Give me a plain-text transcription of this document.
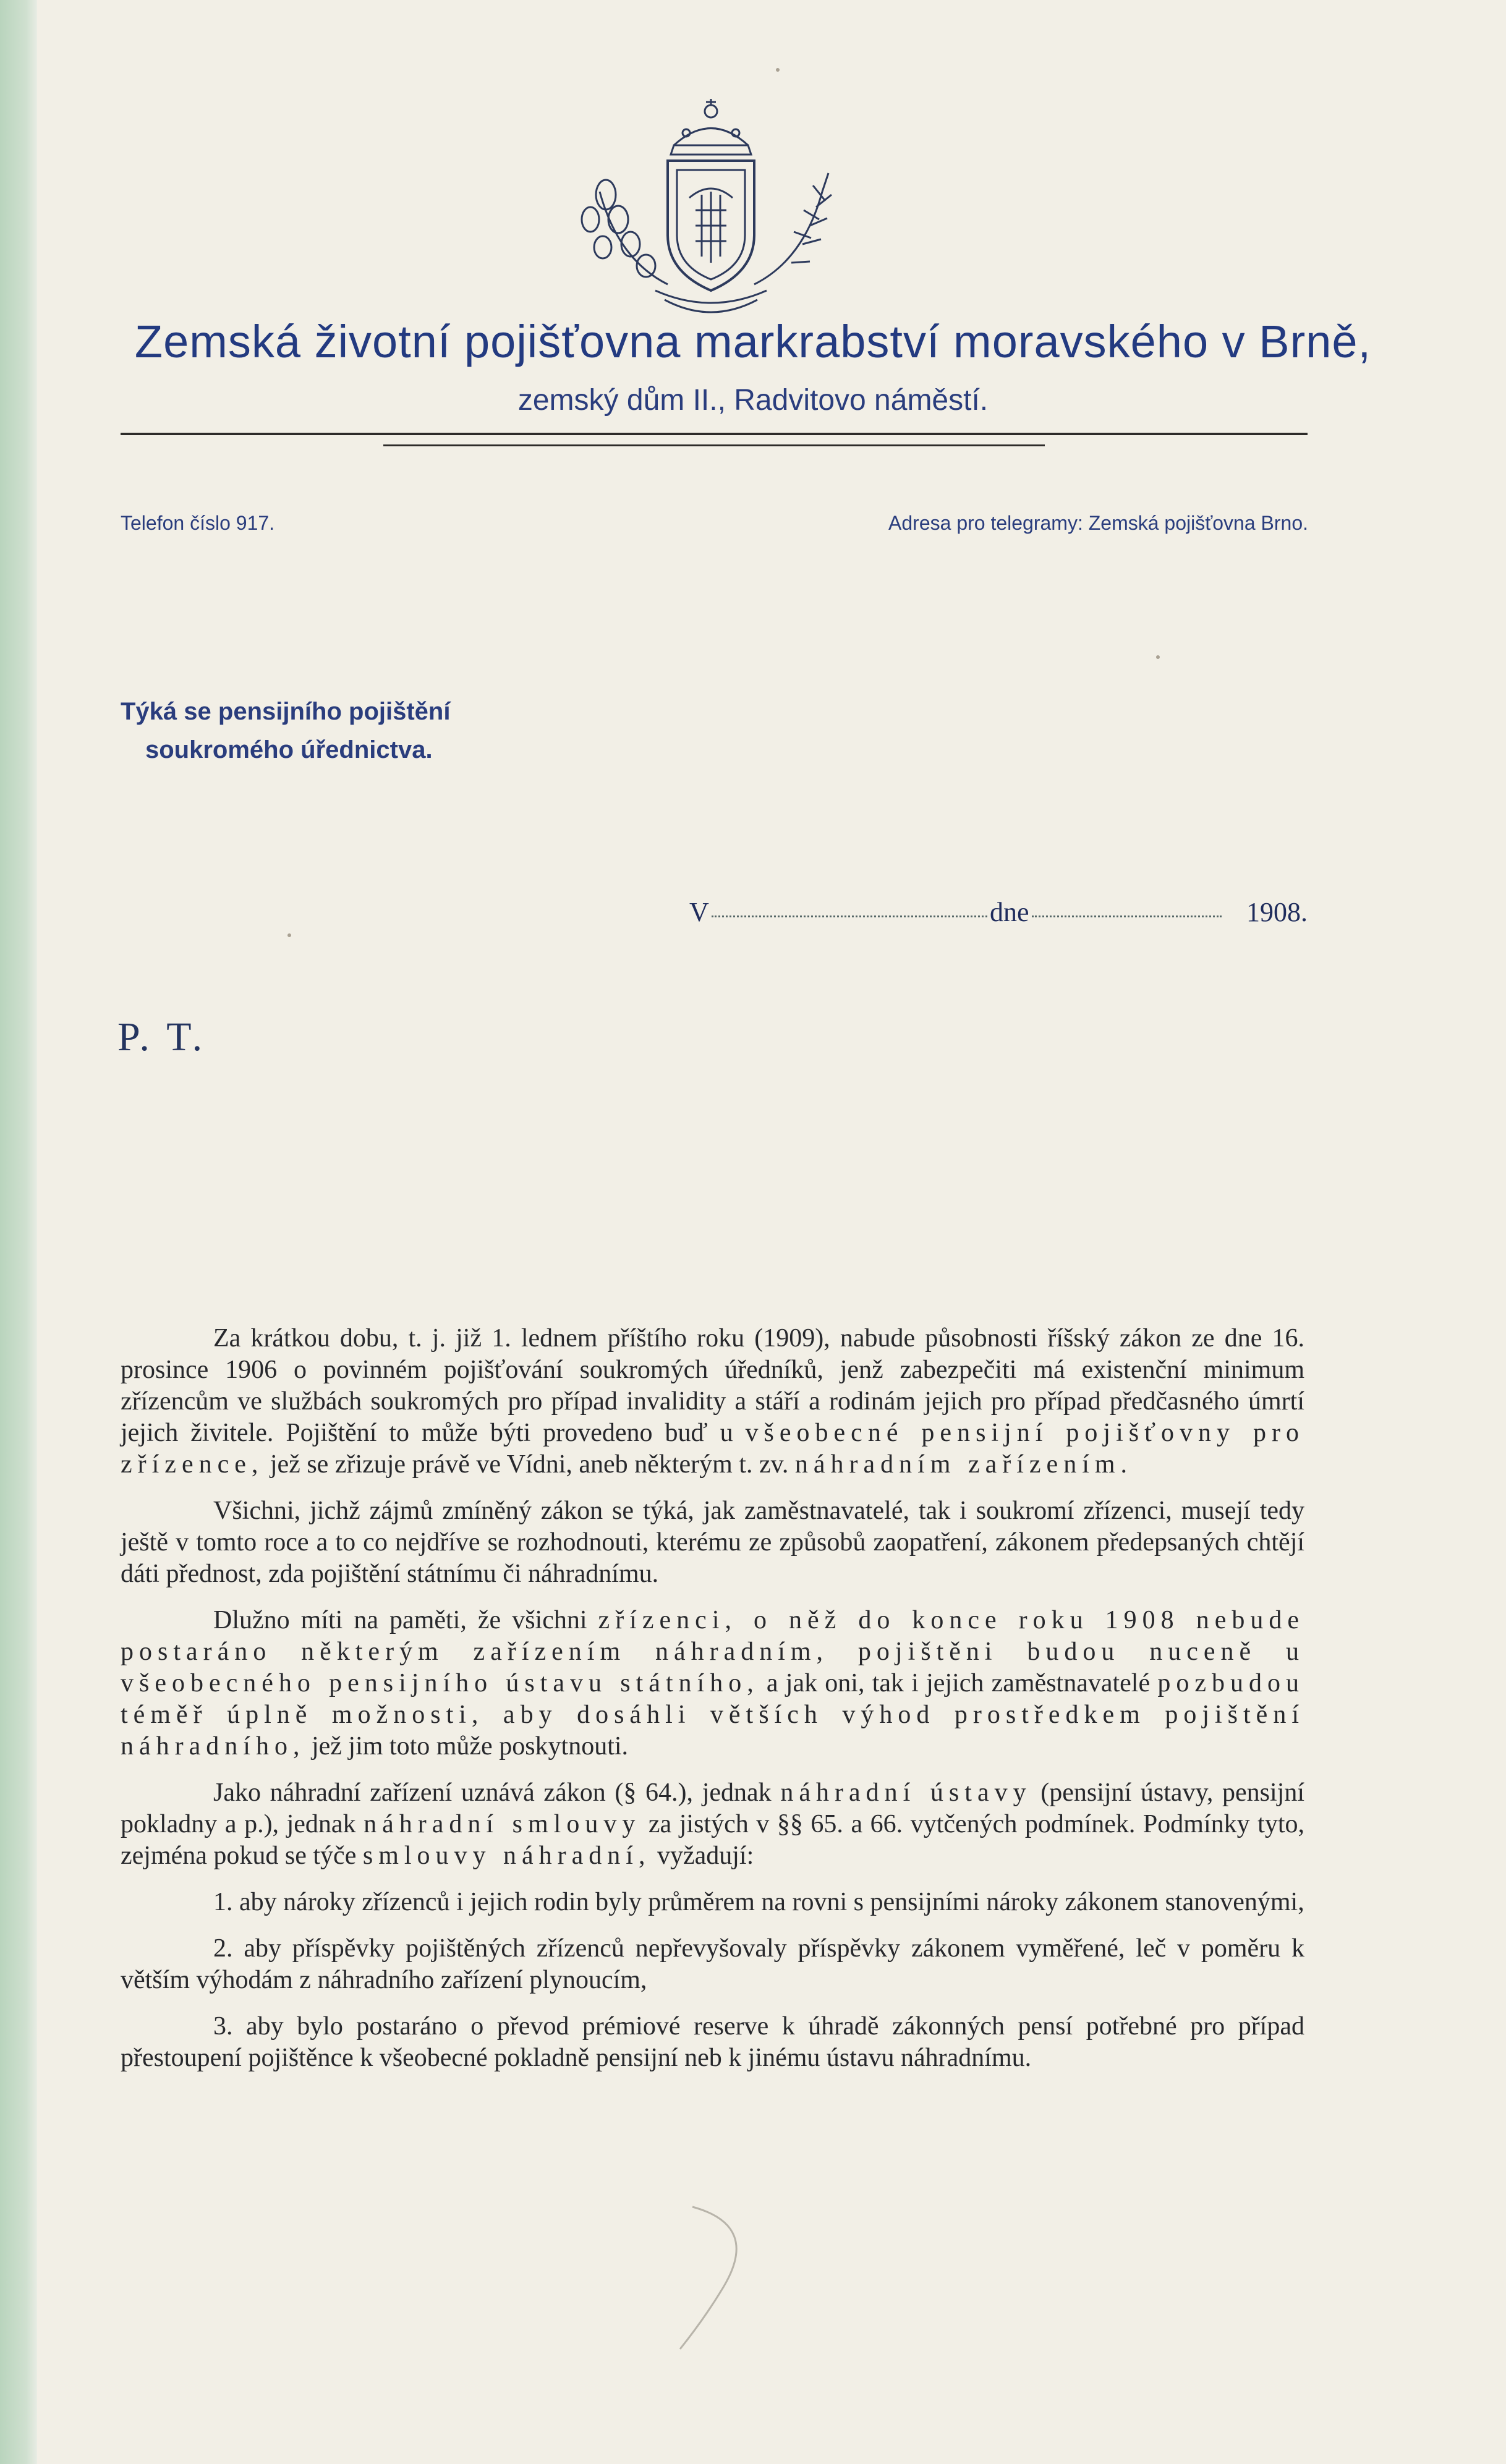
Zemská životní pojišťovna markrabství moravského v Brně,
zemský dům II., Radvitovo náměstí.
Telefon číslo 917.	Adresa pro telegramy: Zemská pojišťovna Brno.
Týká se pensijního pojištění
soukromého úřednictva.
V	dne	1908.
P. T.

Za krátkou dobu, t. j. již 1. lednem příštího roku (1909), nabude působnosti říšský zákon ze dne 16. prosince 1906 o povinném pojišťování soukromých úředníků, jenž zabezpečiti má existenční minimum zřízencům ve službách soukromých pro případ invalidity a stáří a rodinám jejich pro případ předčasného úmrtí jejich živitele. Pojištění to může býti provedeno buď u všeobecné pensijní pojišťovny pro zřízence, jež se zřizuje právě ve Vídni, aneb některým t. zv. náhradním zařízením.

Všichni, jichž zájmů zmíněný zákon se týká, jak zaměstnavatelé, tak i soukromí zřízenci, musejí tedy ještě v tomto roce a to co nejdříve se rozhodnouti, kterému ze způsobů zaopatření, zákonem předepsaných chtějí dáti přednost, zda pojištění státnímu či náhradnímu.

Dlužno míti na paměti, že všichni zřízenci, o něž do konce roku 1908 nebude postaráno některým zařízením náhradním, pojištěni budou nuceně u všeobecného pensijního ústavu státního, a jak oni, tak i jejich zaměstnavatelé pozbudou téměř úplně možnosti, aby dosáhli větších výhod prostředkem pojištění náhradního, jež jim toto může poskytnouti.

Jako náhradní zařízení uznává zákon (§ 64.), jednak náhradní ústavy (pensijní ústavy, pensijní pokladny a p.), jednak náhradní smlouvy za jistých v §§ 65. a 66. vytčených podmínek. Podmínky tyto, zejména pokud se týče smlouvy náhradní, vyžadují:

1. aby nároky zřízenců i jejich rodin byly průměrem na rovni s pensijními nároky zákonem stanovenými,

2. aby příspěvky pojištěných zřízenců nepřevyšovaly příspěvky zákonem vyměřené, leč v poměru k větším výhodám z náhradního zařízení plynoucím,

3. aby bylo postaráno o převod prémiové reserve k úhradě zákonných pensí potřebné pro případ přestoupení pojištěnce k všeobecné pokladně pensijní neb k jinému ústavu náhradnímu.
